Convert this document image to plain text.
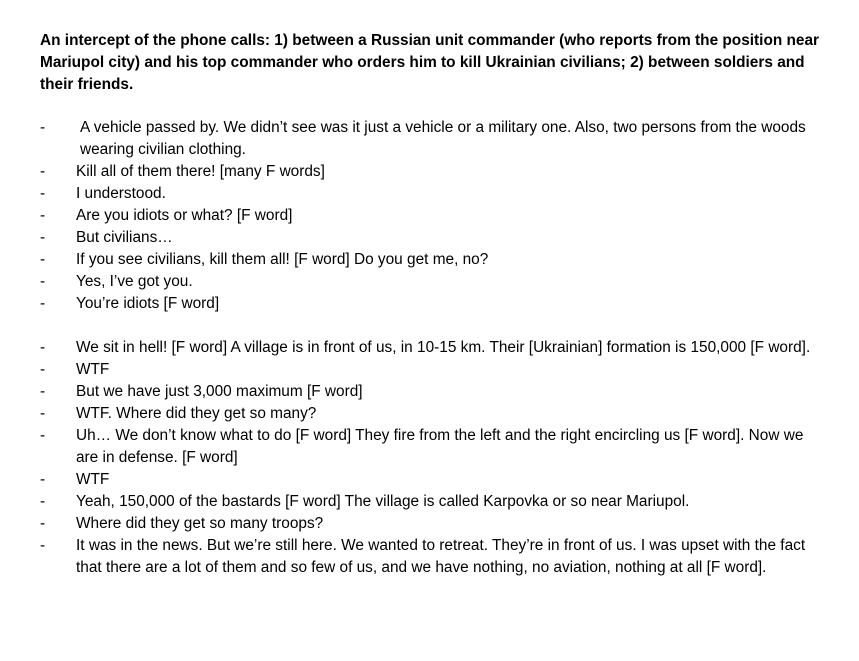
An intercept of the phone calls: 1) between a Russian unit commander (who reports from the position near Mariupol city) and his top commander who orders him to kill Ukrainian civilians; 2) between soldiers and their friends.

-	A vehicle passed by. We didn’t see was it just a vehicle or a military one. Also, two persons from the woods wearing civilian clothing.
-	Kill all of them there! [many F words]
-	I understood.
-	Are you idiots or what? [F word]
-	But civilians…
-	If you see civilians, kill them all! [F word] Do you get me, no?
-	Yes, I’ve got you.
-	You’re idiots [F word]
-	We sit in hell! [F word] A village is in front of us, in 10-15 km. Their [Ukrainian] formation is 150,000 [F word].
-	WTF
-	But we have just 3,000 maximum [F word]
-	WTF. Where did they get so many?
-	Uh… We don’t know what to do [F word] They fire from the left and the right encircling us [F word]. Now we are in defense. [F word]
-	WTF
-	Yeah, 150,000 of the bastards [F word] The village is called Karpovka or so near Mariupol.
-	Where did they get so many troops?
-	It was in the news. But we’re still here. We wanted to retreat. They’re in front of us. I was upset with the fact that there are a lot of them and so few of us, and we have nothing, no aviation, nothing at all [F word].
